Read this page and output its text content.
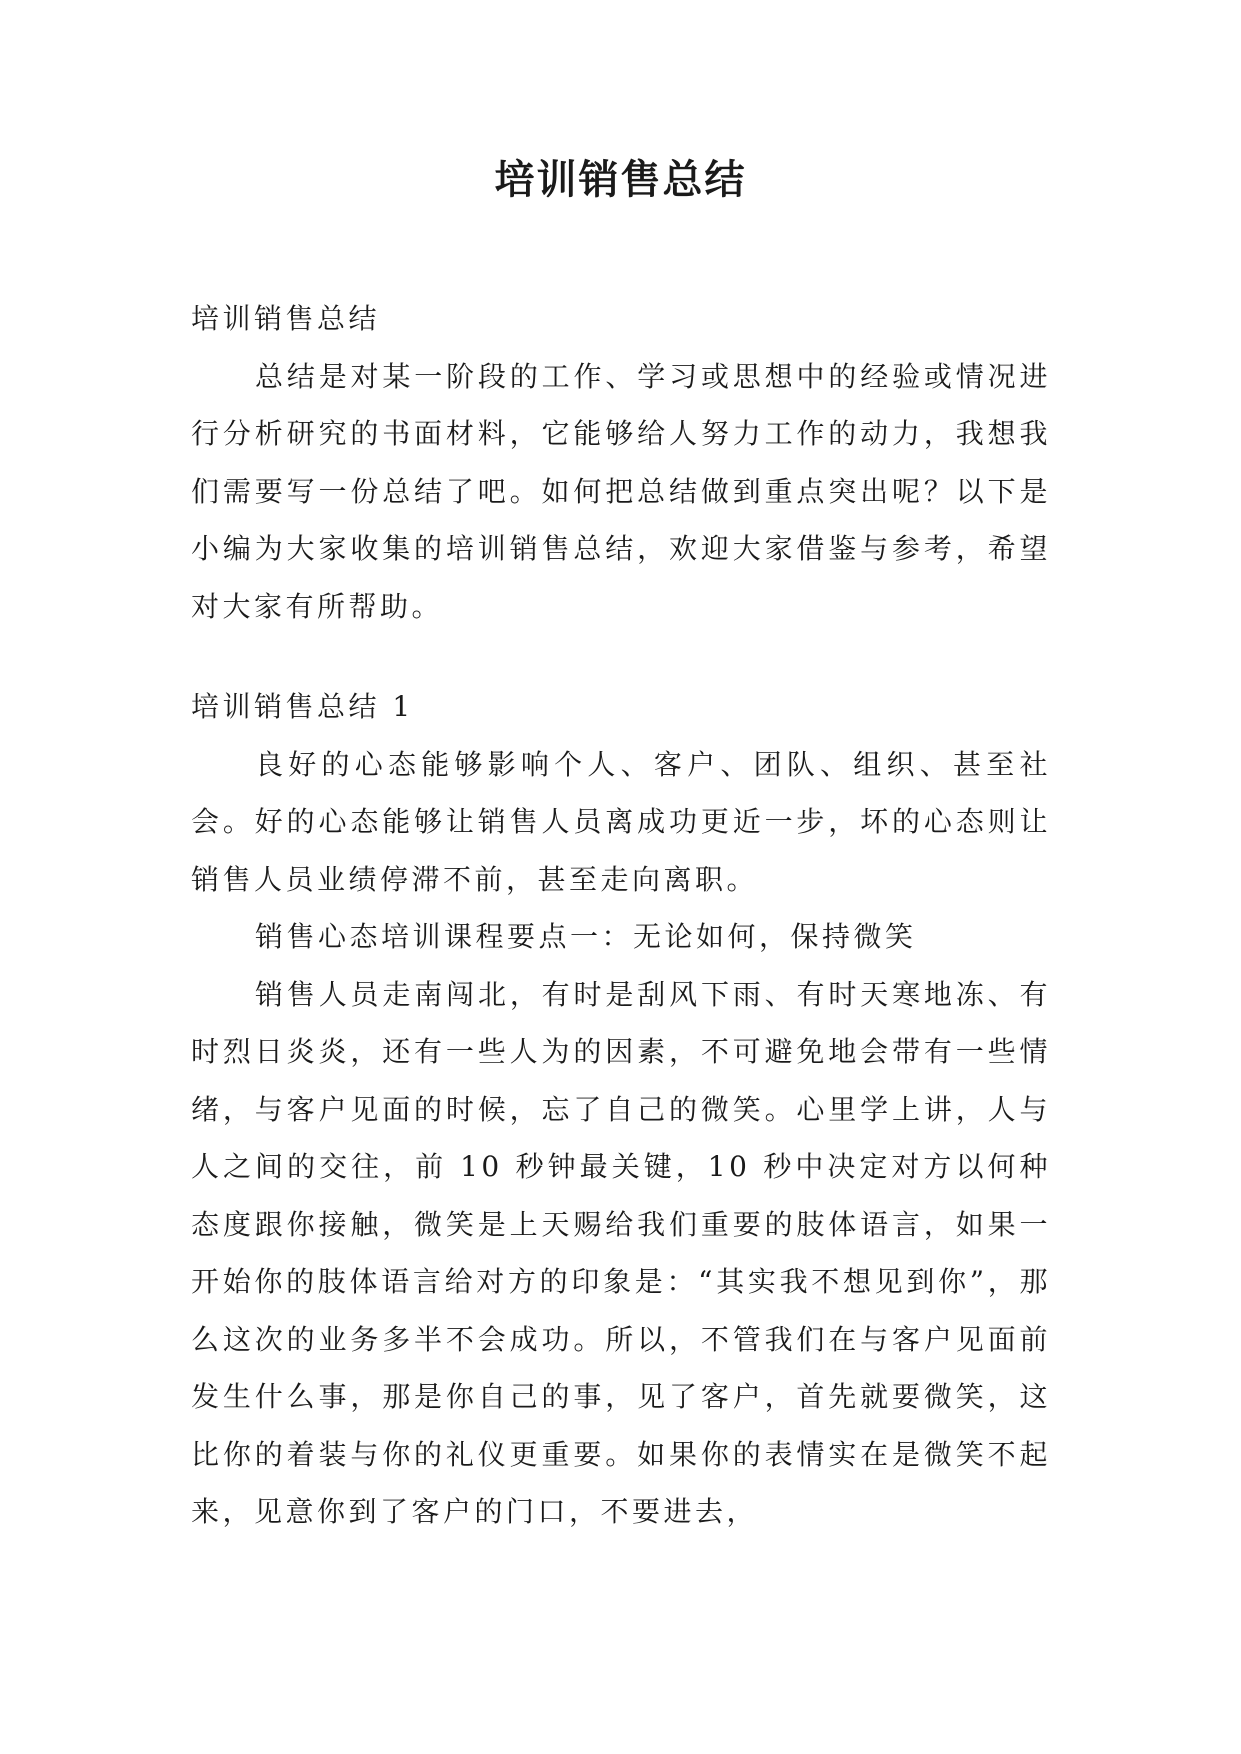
培训销售总结

培训销售总结

总结是对某一阶段的工作、学习或思想中的经验或情况进行分析研究的书面材料，它能够给人努力工作的动力，我想我们需要写一份总结了吧。如何把总结做到重点突出呢？以下是小编为大家收集的培训销售总结，欢迎大家借鉴与参考，希望对大家有所帮助。

培训销售总结 1

良好的心态能够影响个人、客户、团队、组织、甚至社会。好的心态能够让销售人员离成功更近一步，坏的心态则让销售人员业绩停滞不前，甚至走向离职。

销售心态培训课程要点一：无论如何，保持微笑

销售人员走南闯北，有时是刮风下雨、有时天寒地冻、有时烈日炎炎，还有一些人为的因素，不可避免地会带有一些情绪，与客户见面的时候，忘了自己的微笑。心里学上讲，人与人之间的交往，前 10 秒钟最关键，10 秒中决定对方以何种态度跟你接触，微笑是上天赐给我们重要的肢体语言，如果一开始你的肢体语言给对方的印象是：“其实我不想见到你”，那么这次的业务多半不会成功。所以，不管我们在与客户见面前发生什么事，那是你自己的事，见了客户，首先就要微笑，这比你的着装与你的礼仪更重要。如果你的表情实在是微笑不起来，见意你到了客户的门口，不要进去，
